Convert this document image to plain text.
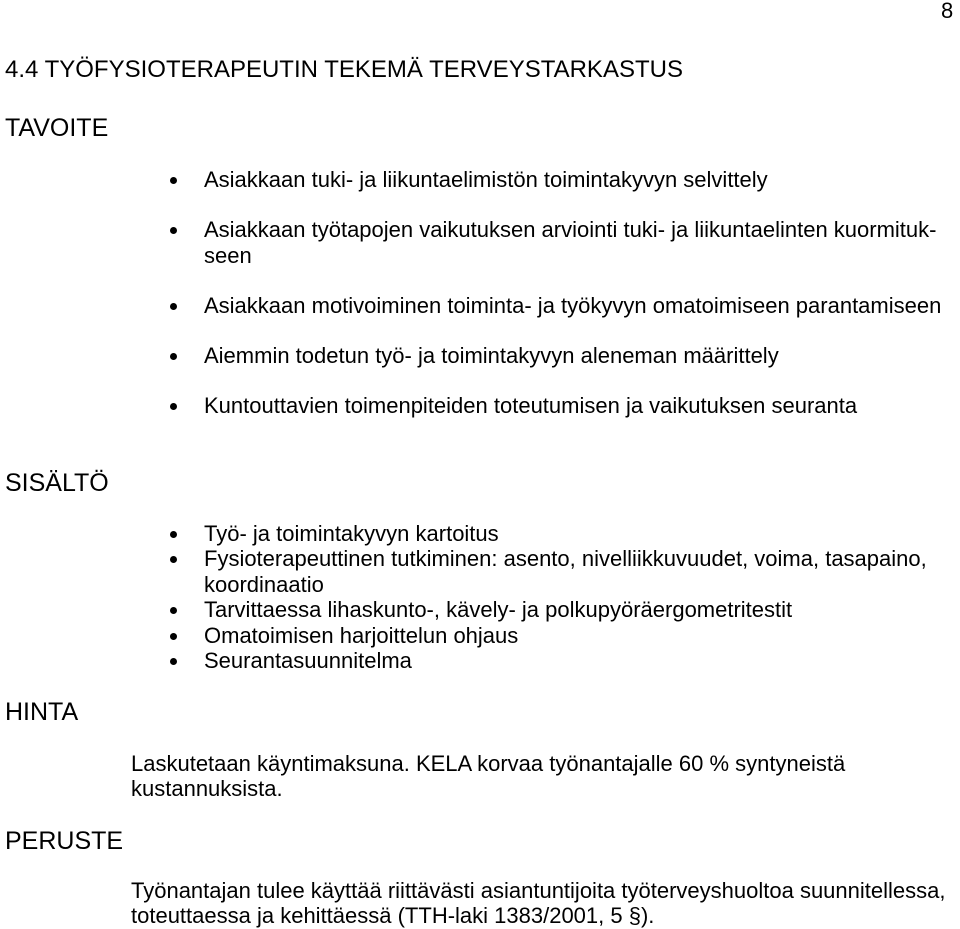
8
4.4 TYÖFYSIOTERAPEUTIN TEKEMÄ TERVEYSTARKASTUS
TAVOITE
Asiakkaan tuki- ja liikuntaelimistön toimintakyvyn selvittely
Asiakkaan työtapojen vaikutuksen arviointi tuki- ja liikuntaelinten kuormituk-
seen
Asiakkaan motivoiminen toiminta- ja työkyvyn omatoimiseen parantamiseen
Aiemmin todetun työ- ja toimintakyvyn aleneman määrittely
Kuntouttavien toimenpiteiden toteutumisen ja vaikutuksen seuranta
SISÄLTÖ
Työ- ja toimintakyvyn kartoitus
Fysioterapeuttinen tutkiminen: asento, nivelliikkuvuudet, voima, tasapaino,
koordinaatio
Tarvittaessa lihaskunto-, kävely- ja polkupyöräergometritestit
Omatoimisen harjoittelun ohjaus
Seurantasuunnitelma
HINTA

Laskutetaan käyntimaksuna. KELA korvaa työnantajalle 60 % syntyneistä
kustannuksista.

PERUSTE

Työnantajan tulee käyttää riittävästi asiantuntijoita työterveyshuoltoa suunnitellessa,
toteuttaessa ja kehittäessä (TTH-laki 1383/2001, 5 §).
